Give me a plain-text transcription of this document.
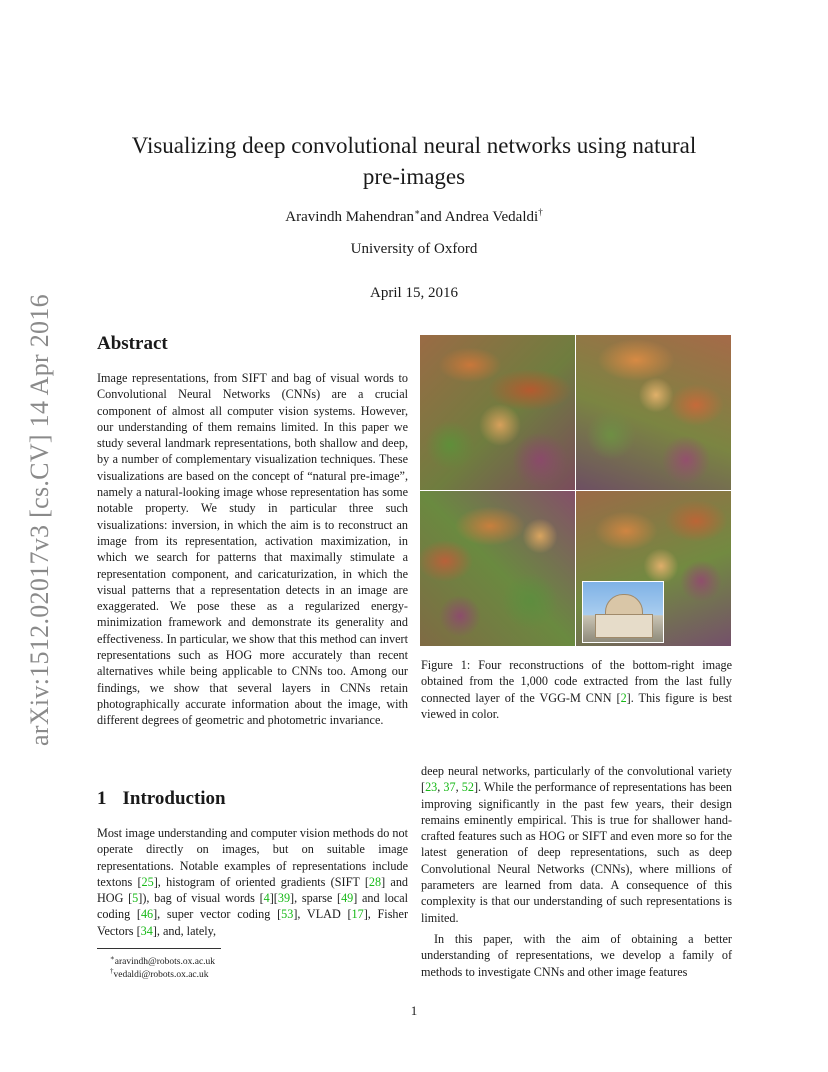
arXiv:1512.02017v3 [cs.CV] 14 Apr 2016
Visualizing deep convolutional neural networks using natural
pre-images
Aravindh Mahendran∗and Andrea Vedaldi†
University of Oxford
April 15, 2016
Abstract

Image representations, from SIFT and bag of visual words to Convolutional Neural Networks (CNNs) are a crucial component of almost all computer vision systems. However, our understanding of them remains limited. In this paper we study several landmark representations, both shallow and deep, by a number of complementary visualization techniques. These visualizations are based on the concept of “natural pre-image”, namely a natural-looking image whose representation has some notable property. We study in particular three such visualizations: inversion, in which the aim is to reconstruct an image from its representation, activation maximization, in which we search for patterns that maximally stimulate a representation component, and caricaturization, in which the visual patterns that a representation detects in an image are exaggerated. We pose these as a regularized energy-minimization framework and demonstrate its generality and effectiveness. In particular, we show that this method can invert representations such as HOG more accurately than recent alternatives while being applicable to CNNs too. Among our findings, we show that several layers in CNNs retain photographically accurate information about the image, with different degrees of geometric and photometric invariance.

1 Introduction

Most image understanding and computer vision methods do not operate directly on images, but on suitable image representations. Notable examples of representations include textons [25], histogram of oriented gradients (SIFT [28] and HOG [5]), bag of visual words [4][39], sparse [49] and local coding [46], super vector coding [53], VLAD [17], Fisher Vectors [34], and, lately,

∗aravindh@robots.ox.ac.uk
†vedaldi@robots.ox.ac.uk

Figure 1: Four reconstructions of the bottom-right image obtained from the 1,000 code extracted from the last fully connected layer of the VGG-M CNN [2]. This figure is best viewed in color.

deep neural networks, particularly of the convolutional variety [23, 37, 52]. While the performance of representations has been improving significantly in the past few years, their design remains eminently empirical. This is true for shallower hand-crafted features such as HOG or SIFT and even more so for the latest generation of deep representations, such as deep Convolutional Neural Networks (CNNs), where millions of parameters are learned from data. A consequence of this complexity is that our understanding of such representations is limited.

In this paper, with the aim of obtaining a better understanding of representations, we develop a family of methods to investigate CNNs and other image features

1
